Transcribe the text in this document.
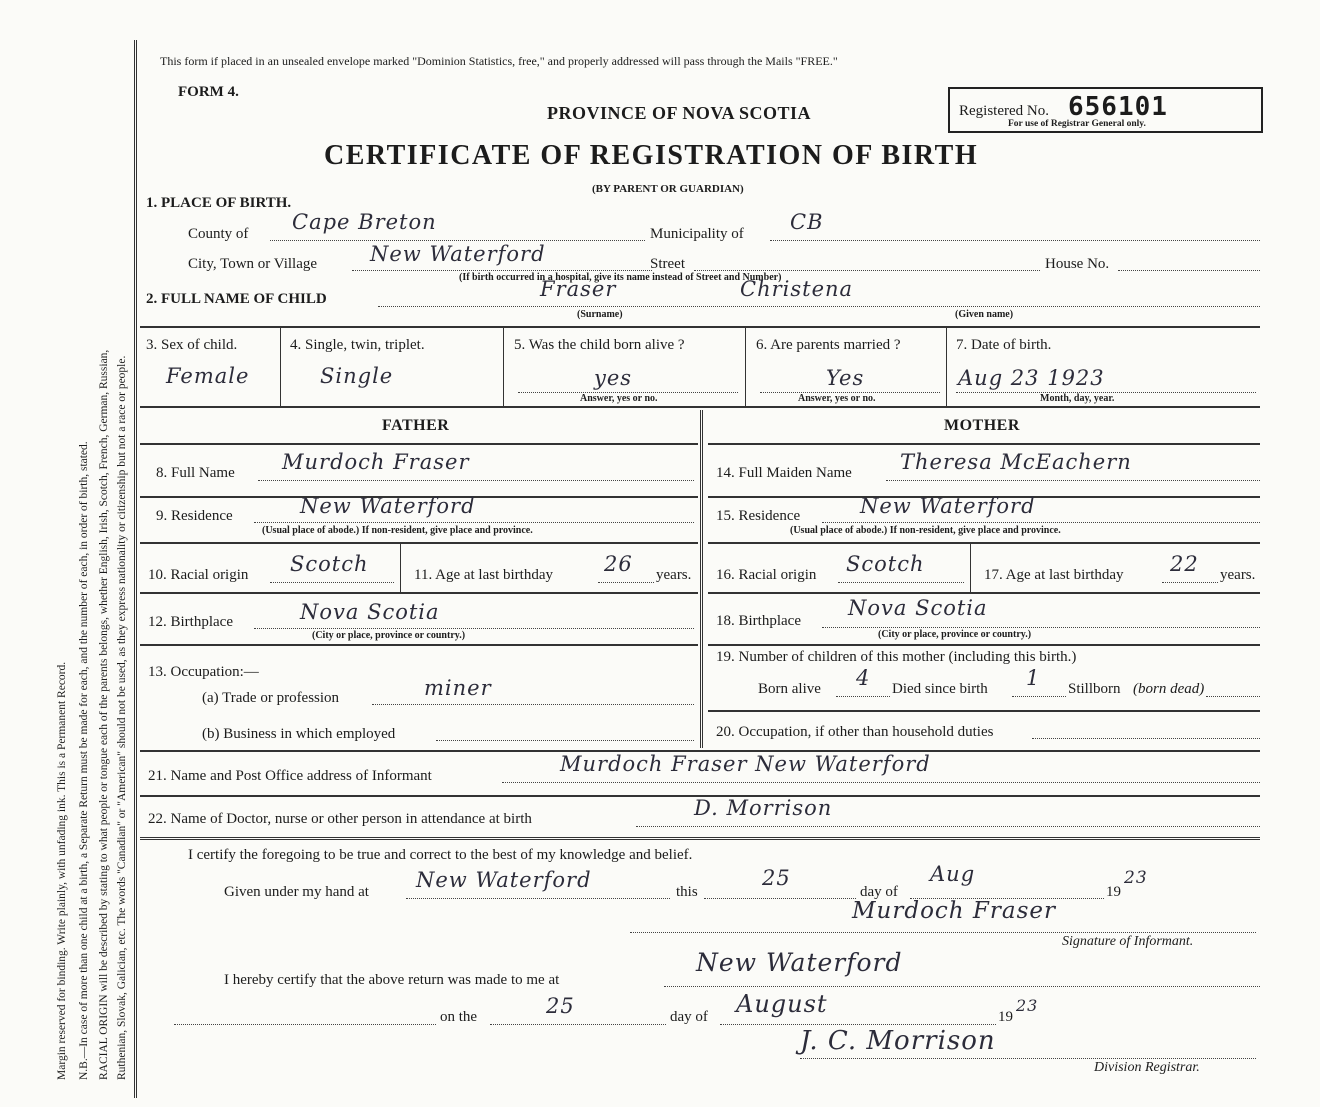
Margin reserved for binding. Write plainly, with unfading ink. This is a Permanent Record. N.B.—In case of more than one child at a birth, a Separate Return must be made for each, and the number of each, in order of birth, stated. RACIAL ORIGIN will be described by stating to what people or tongue each of the parents belongs, whether English, Irish, Scotch, French, German, Russian, Ruthenian, Slovak, Galician, etc. The words "Canadian" or "American" should not be used, as they express nationality or citizenship but not a race or people.
This form if placed in an unsealed envelope marked "Dominion Statistics, free," and properly addressed will pass through the Mails "FREE."
FORM 4.
PROVINCE OF NOVA SCOTIA
CERTIFICATE OF REGISTRATION OF BIRTH
(BY PARENT OR GUARDIAN)
Registered No. 656101
For use of Registrar General only.
1. PLACE OF BIRTH.
County of Cape Breton	Municipality of CB
City, Town or Village	New Waterford	Street	House No.
(If birth occurred in a hospital, give its name instead of Street and Number)
2. FULL NAME OF CHILD	Fraser	Christena
(Surname)	(Given name)
3. Sex of child.
Female
4. Single, twin, triplet.
Single
5. Was the child born alive ?
yes
Answer, yes or no.
6. Are parents married ?
Yes
Answer, yes or no.
7. Date of birth.
Aug 23 1923
Month, day, year.
FATHER	MOTHER
8. Full Name Murdoch Fraser
9. Residence	New Waterford
(Usual place of abode.) If non-resident, give place and province.
10. Racial origin Scotch	11. Age at last birthday 26 years.
12. Birthplace	Nova Scotia
(City or place, province or country.)
13. Occupation:—
(a) Trade or profession	miner
(b) Business in which employed
14. Full Maiden Name Theresa McEachern
15. Residence	New Waterford
(Usual place of abode.) If non-resident, give place and province.
16. Racial origin Scotch	17. Age at last birthday 22 years.
18. Birthplace
Nova Scotia
(City or place, province or country.)
19. Number of children of this mother (including this birth.)
Born alive 4 Died since birth 1 Stillborn (born dead)
20. Occupation, if other than household duties
21. Name and Post Office address of Informant	Murdoch Fraser New Waterford
22. Name of Doctor, nurse or other person in attendance at birth	D. Morrison
I certify the foregoing to be true and correct to the best of my knowledge and belief.
Given under my hand at New Waterford	this
25
day of
Aug
19
23
Murdoch Fraser
Signature of Informant.
I hereby certify that the above return was made to me at
New Waterford
on the	25	day of August	19
23
J. C. Morrison
Division Registrar.
